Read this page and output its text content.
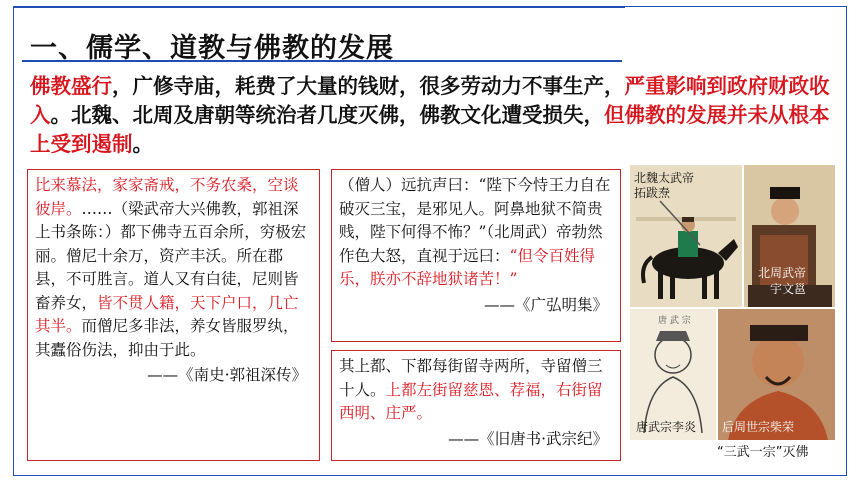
一、儒学、道教与佛教的发展

佛教盛行，广修寺庙，耗费了大量的钱财，很多劳动力不事生产，严重影响到政府财政收入。北魏、北周及唐朝等统治者几度灭佛，佛教文化遭受损失，但佛教的发展并未从根本上受到遏制。

比来慕法，家家斋戒，不务农桑，空谈彼岸。……（梁武帝大兴佛教，郭祖深上书条陈：）都下佛寺五百余所，穷极宏丽。僧尼十余万，资产丰沃。所在郡县，不可胜言。道人又有白徒，尼则皆畜养女，皆不贯人籍，天下户口，几亡其半。而僧尼多非法，养女皆服罗纨，其蠹俗伤法，抑由于此。

——《南史·郭祖深传》

（僧人）远抗声曰：“陛下今恃王力自在破灭三宝，是邪见人。阿鼻地狱不简贵贱，陛下何得不怖？”（北周武）帝勃然作色大怒，直视于远曰：“但令百姓得乐，朕亦不辞地狱诸苦！”

——《广弘明集》

其上都、下都每街留寺两所，寺留僧三十人。上都左街留慈恩、荐福，右街留西明、庄严。

——《旧唐书·武宗纪》

北魏太武帝
拓跋焘
北周武帝
宇文邕
唐 武 宗
唐武宗李炎 后周世宗柴荣
“三武一宗”灭佛
